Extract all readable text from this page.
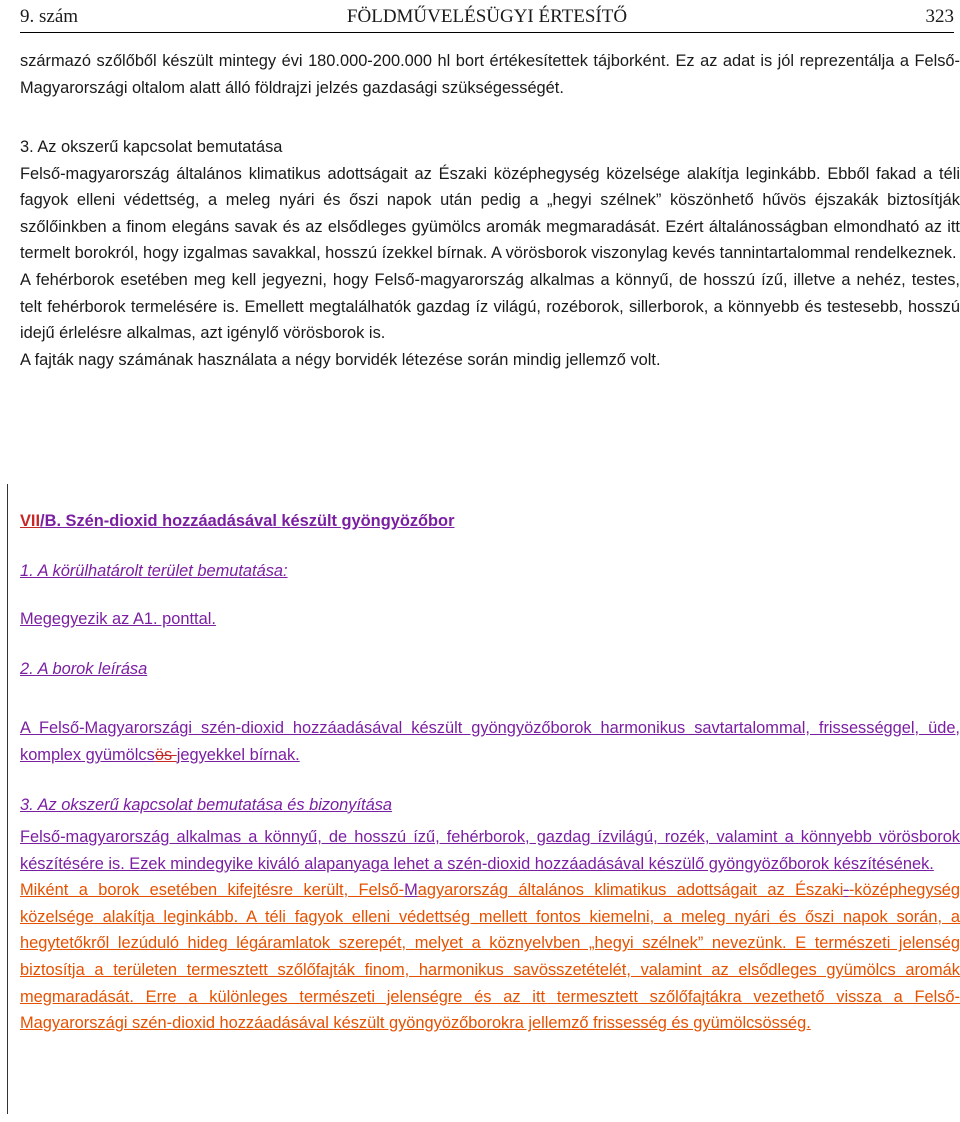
9. szám	FÖLDMŰVELÉSÜGYI ÉRTESÍTŐ	323

származó szőlőből készült mintegy évi 180.000-200.000 hl bort értékesítettek tájborként. Ez az adat is jól reprezentálja a Felső-Magyarországi oltalom alatt álló földrajzi jelzés gazdasági szükségességét.

3. Az okszerű kapcsolat bemutatása

Felső-magyarország általános klimatikus adottságait az Északi középhegység közelsége alakítja leginkább. Ebből fakad a téli fagyok elleni védettség, a meleg nyári és őszi napok után pedig a „hegyi szélnek” köszönhető hűvös éjszakák biztosítják szőlőinkben a finom elegáns savak és az elsődleges gyümölcs aromák megmaradását. Ezért általánosságban elmondható az itt termelt borokról, hogy izgalmas savakkal, hosszú ízekkel bírnak. A vörösborok viszonylag kevés tannintartalommal rendelkeznek.

A fehérborok esetében meg kell jegyezni, hogy Felső-magyarország alkalmas a könnyű, de hosszú ízű, illetve a nehéz, testes, telt fehérborok termelésére is. Emellett megtalálhatók gazdag íz világú, rozéborok, sillerborok, a könnyebb és testesebb, hosszú idejű érlelésre alkalmas, azt igénylő vörösborok is.

A fajták nagy számának használata a négy borvidék létezése során mindig jellemző volt.

VII/B. Szén-dioxid hozzáadásával készült gyöngyözőbor
1. A körülhatárolt terület bemutatása:
Megegyezik az A1. ponttal.
2. A borok leírása

A Felső-Magyarországi szén-dioxid hozzáadásával készült gyöngyözőborok harmonikus savtartalommal, frissességgel, üde, komplex gyümölcsös jegyekkel bírnak.

3. Az okszerű kapcsolat bemutatása és bizonyítása

Felső-magyarország alkalmas a könnyű, de hosszú ízű, fehérborok, gazdag ízvilágú, rozék, valamint a könnyebb vörösborok készítésére is. Ezek mindegyike kiváló alapanyaga lehet a szén-dioxid hozzáadásával készülő gyöngyözőborok készítésének.

Miként a borok esetében kifejtésre került, Felső-Magyarország általános klimatikus adottságait az Északi--középhegység közelsége alakítja leginkább. A téli fagyok elleni védettség mellett fontos kiemelni, a meleg nyári és őszi napok során, a hegytetőkről lezúduló hideg légáramlatok szerepét, melyet a köznyelvben „hegyi szélnek” nevezünk. E természeti jelenség biztosítja a területen termesztett szőlőfajták finom, harmonikus savösszetételét, valamint az elsődleges gyümölcs aromák megmaradását. Erre a különleges természeti jelenségre és az itt termesztett szőlőfajtákra vezethető vissza a Felső-Magyarországi szén-dioxid hozzáadásával készült gyöngyözőborokra jellemző frissesség és gyümölcsösség.
